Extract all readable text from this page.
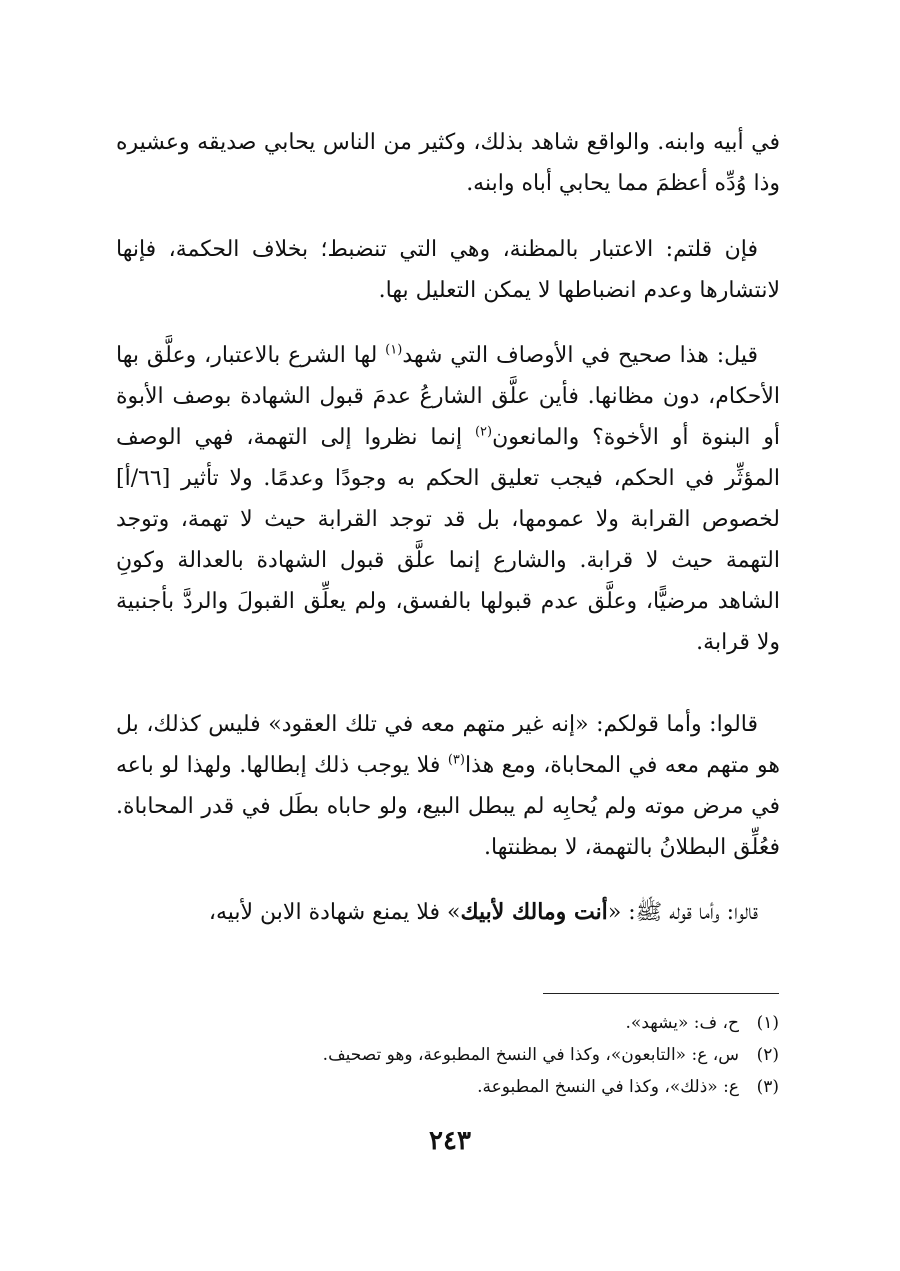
في أبيه وابنه. والواقع شاهد بذلك، وكثير من الناس يحابي صديقه وعشيره وذا وُدِّه أعظمَ مما يحابي أباه وابنه.

فإن قلتم: الاعتبار بالمظنة، وهي التي تنضبط؛ بخلاف الحكمة، فإنها لانتشارها وعدم انضباطها لا يمكن التعليل بها.

قيل: هذا صحيح في الأوصاف التي شهد$^{(١)}$ لها الشرع بالاعتبار، وعلَّق بها الأحكام، دون مظانها. فأين علَّق الشارعُ عدمَ قبول الشهادة بوصف الأبوة أو البنوة أو الأخوة؟ والمانعون$^{(٢)}$ إنما نظروا إلى التهمة، فهي الوصف المؤثِّر في الحكم، فيجب تعليق الحكم به وجودًا وعدمًا. ولا تأثير [٦٦/أ] لخصوص القرابة ولا عمومها، بل قد توجد القرابة حيث لا تهمة، وتوجد التهمة حيث لا قرابة. والشارع إنما علَّق قبول الشهادة بالعدالة وكونِ الشاهد مرضيًّا، وعلَّق عدم قبولها بالفسق، ولم يعلِّق القبولَ والردَّ بأجنبية ولا قرابة.

قالوا: وأما قولكم: «إنه غير متهم معه في تلك العقود» فليس كذلك، بل هو متهم معه في المحاباة، ومع هذا$^{(٣)}$ فلا يوجب ذلك إبطالها. ولهذا لو باعه في مرض موته ولم يُحابِه لم يبطل البيع، ولو حاباه بطَل في قدر المحاباة. فعُلِّق البطلانُ بالتهمة، لا بمظنتها.

قالوا: وأما قوله ﷺ: «أنت ومالك لأبيك» فلا يمنع شهادة الابن لأبيه،

(١)ح، ف: «يشهد».

(٢)س، ع: «التابعون»، وكذا في النسخ المطبوعة، وهو تصحيف.

(٣)ع: «ذلك»، وكذا في النسخ المطبوعة.

٢٤٣
